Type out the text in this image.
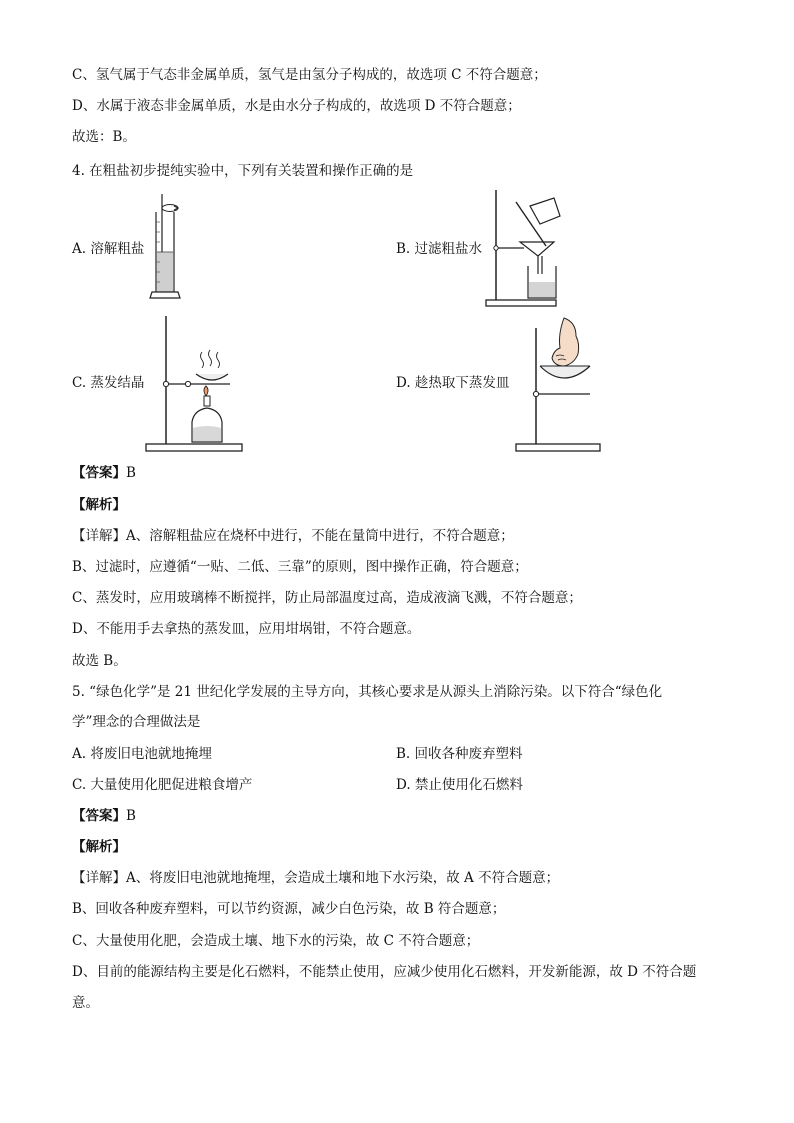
C、氢气属于气态非金属单质，氢气是由氢分子构成的，故选项 C 不符合题意；
D、水属于液态非金属单质，水是由水分子构成的，故选项 D 不符合题意；
故选：B。
4. 在粗盐初步提纯实验中，下列有关装置和操作正确的是
A. 溶解粗盐	B. 过滤粗盐水
C. 蒸发结晶	D. 趁热取下蒸发皿
【答案】B
【解析】
【详解】A、溶解粗盐应在烧杯中进行，不能在量筒中进行，不符合题意；
B、过滤时，应遵循“一贴、二低、三靠”的原则，图中操作正确，符合题意；
C、蒸发时，应用玻璃棒不断搅拌，防止局部温度过高，造成液滴飞溅，不符合题意；
D、不能用手去拿热的蒸发皿，应用坩埚钳，不符合题意。
故选 B。
5. “绿色化学”是 21 世纪化学发展的主导方向，其核心要求是从源头上消除污染。以下符合“绿色化
学”理念的合理做法是
A. 将废旧电池就地掩埋	B. 回收各种废弃塑料
C. 大量使用化肥促进粮食增产	D. 禁止使用化石燃料
【答案】B
【解析】
【详解】A、将废旧电池就地掩埋，会造成土壤和地下水污染，故 A 不符合题意；
B、回收各种废弃塑料，可以节约资源，减少白色污染，故 B 符合题意；
C、大量使用化肥，会造成土壤、地下水的污染，故 C 不符合题意；
D、目前的能源结构主要是化石燃料，不能禁止使用，应减少使用化石燃料，开发新能源，故 D 不符合题
意。
